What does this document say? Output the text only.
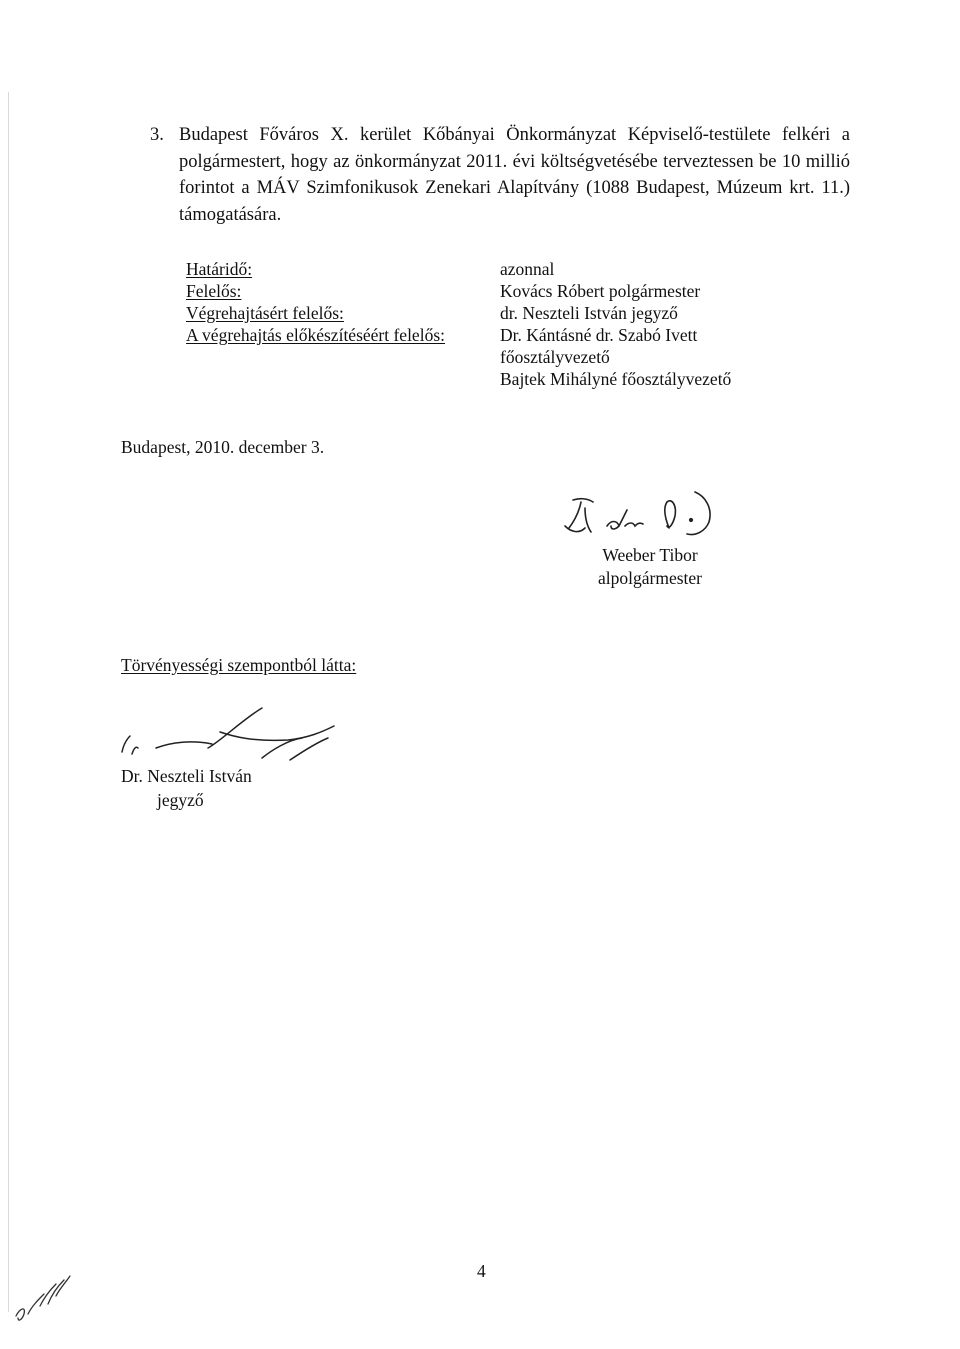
3. Budapest Főváros X. kerület Kőbányai Önkormányzat Képviselő-testülete felkéri a polgármestert, hogy az önkormányzat 2011. évi költségvetésébe terveztessen be 10 millió forintot a MÁV Szimfonikusok Zenekari Alapítvány (1088 Budapest, Múzeum krt. 11.) támogatására.
Határidő:
Felelős:
Végrehajtásért felelős:
A végrehajtás előkészítéséért felelős:
azonnal
Kovács Róbert polgármester
dr. Neszteli István jegyző
Dr. Kántásné dr. Szabó Ivett főosztályvezető
Bajtek Mihályné főosztályvezető
Budapest, 2010. december 3.
Weeber Tibor
alpolgármester
Törvényességi szempontból látta:
Dr. Neszteli István
jegyző
4
